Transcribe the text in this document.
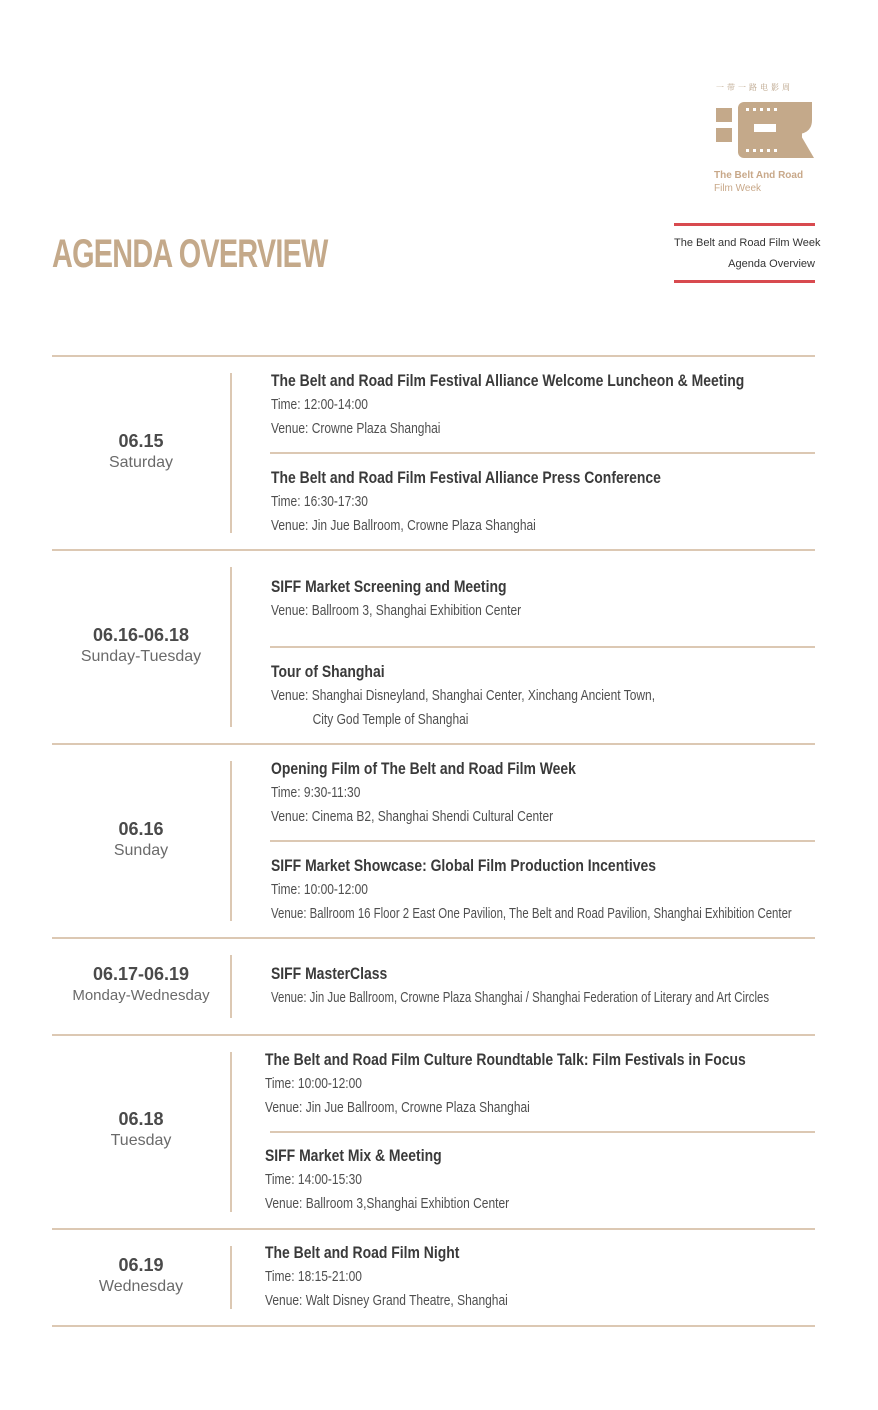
一带一路电影周
The Belt And Road
Film Week
AGENDA OVERVIEW	The Belt and Road Film Week
Agenda Overview
06.15
Saturday
The Belt and Road Film Festival Alliance Welcome Luncheon & Meeting
Time: 12:00-14:00
Venue: Crowne Plaza Shanghai
The Belt and Road Film Festival Alliance Press Conference
Time: 16:30-17:30
Venue: Jin Jue Ballroom, Crowne Plaza Shanghai
06.16-06.18
Sunday-Tuesday
SIFF Market Screening and Meeting
Venue: Ballroom 3, Shanghai Exhibition Center
Tour of Shanghai
Venue: Shanghai Disneyland, Shanghai Center, Xinchang Ancient Town,
City God Temple of Shanghai
06.16
Sunday
Opening Film of The Belt and Road Film Week
Time: 9:30-11:30
Venue: Cinema B2, Shanghai Shendi Cultural Center
SIFF Market Showcase: Global Film Production Incentives
Time: 10:00-12:00
Venue: Ballroom 16 Floor 2 East One Pavilion, The Belt and Road Pavilion, Shanghai Exhibition Center
06.17-06.19
Monday-Wednesday
SIFF MasterClass
Venue: Jin Jue Ballroom, Crowne Plaza Shanghai / Shanghai Federation of Literary and Art Circles
06.18
Tuesday
The Belt and Road Film Culture Roundtable Talk: Film Festivals in Focus
Time: 10:00-12:00
Venue: Jin Jue Ballroom, Crowne Plaza Shanghai
SIFF Market Mix & Meeting
Time: 14:00-15:30
Venue: Ballroom 3,Shanghai Exhibtion Center
06.19
Wednesday
The Belt and Road Film Night
Time: 18:15-21:00
Venue: Walt Disney Grand Theatre, Shanghai
